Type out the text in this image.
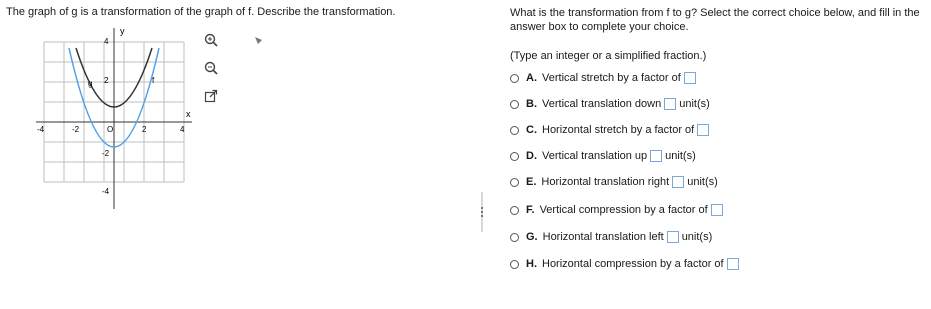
The graph of g is a transformation of the graph of f. Describe the transformation.
y
x
f
g
4
2
-2
-4
-4	-2	O	2	4
What is the transformation from f to g? Select the correct choice below, and fill in the answer box to complete your choice.
(Type an integer or a simplified fraction.)
A. Vertical stretch by a factor of
B. Vertical translation down unit(s)
C. Horizontal stretch by a factor of
D. Vertical translation up unit(s)
E. Horizontal translation right unit(s)
F. Vertical compression by a factor of
G. Horizontal translation left unit(s)
H. Horizontal compression by a factor of
